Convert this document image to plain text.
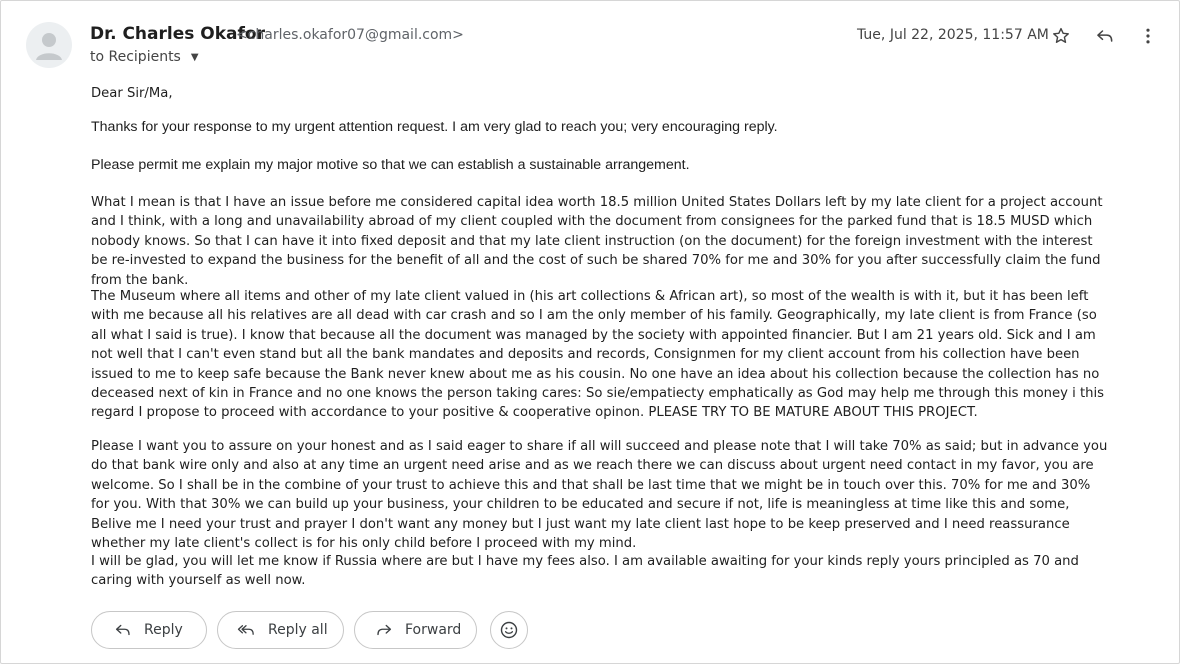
Dr. Charles Okafor
<charles.okafor07@gmail.com>
to Recipients ▼
Tue, Jul 22, 2025, 11:57 AM

Dear Sir/Ma,

Thanks for your response to my urgent attention request. I am very glad to reach you; very encouraging reply.

Please permit me explain my major motive so that we can establish a sustainable arrangement.

What I mean is that I have an issue before me considered capital idea worth 18.5 million United States Dollars left by my late client for a project account and I think, with a long and unavailability abroad of my client coupled with the document from consignees for the parked fund that is 18.5 MUSD which nobody knows. So that I can have it into fixed deposit and that my late client instruction (on the document) for the foreign investment with the interest be re-invested to expand the business for the benefit of all and the cost of such be shared 70% for me and 30% for you after successfully claim the fund from the bank.

The Museum where all items and other of my late client valued in (his art collections & African art), so most of the wealth is with it, but it has been left with me because all his relatives are all dead with car crash and so I am the only member of his family. Geographically, my late client is from France (so all what I said is true). I know that because all the document was managed by the society with appointed financier. But I am 21 years old. Sick and I am not well that I can't even stand but all the bank mandates and deposits and records, Consignmen for my client account from his collection have been issued to me to keep safe because the Bank never knew about me as his cousin. No one have an idea about his collection because the collection has no deceased next of kin in France and no one knows the person taking cares: So sie/empatiecty emphatically as God may help me through this money i this regard I propose to proceed with accordance to your positive & cooperative opinon. PLEASE TRY TO BE MATURE ABOUT THIS PROJECT.

Please I want you to assure on your honest and as I said eager to share if all will succeed and please note that I will take 70% as said; but in advance you do that bank wire only and also at any time an urgent need arise and as we reach there we can discuss about urgent need contact in my favor, you are welcome. So I shall be in the combine of your trust to achieve this and that shall be last time that we might be in touch over this. 70% for me and 30% for you. With that 30% we can build up your business, your children to be educated and secure if not, life is meaningless at time like this and some, Belive me I need your trust and prayer I don't want any money but I just want my late client last hope to be keep preserved and I need reassurance whether my late client's collect is for his only child before I proceed with my mind.

I will be glad, you will let me know if Russia where are but I have my fees also. I am available awaiting for your kinds reply yours principled as 70 and caring with yourself as well now.

Reply	Reply all	Forward
